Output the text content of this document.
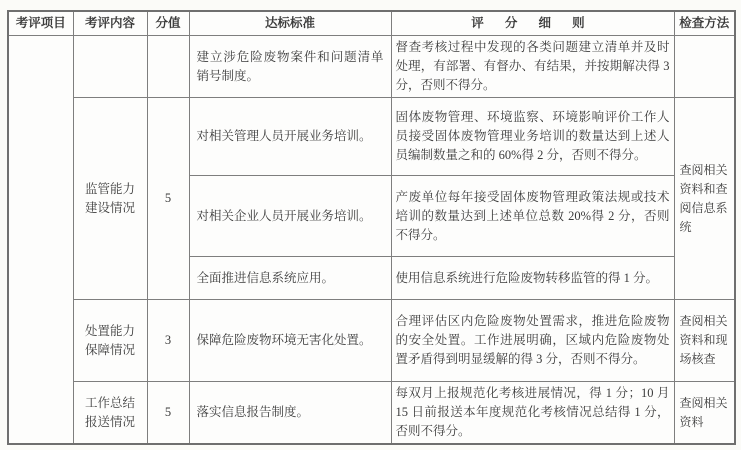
考评项目	考评内容	分值	达标标准	评 分 细 则	检查方法
			建立涉危险废物案件和问题清单销号制度。	督查考核过程中发现的各类问题建立清单并及时处理，有部署、有督办、有结果，并按期解决得 3 分，否则不得分。	
	监管能力建设情况	5	对相关管理人员开展业务培训。	固体废物管理、环境监察、环境影响评价工作人员接受固体废物管理业务培训的数量达到上述人员编制数量之和的 60%得 2 分，否则不得分。	查阅相关资料和查阅信息系统
			对相关企业人员开展业务培训。	产废单位每年接受固体废物管理政策法规或技术培训的数量达到上述单位总数 20%得 2 分，否则不得分。	
			全面推进信息系统应用。	使用信息系统进行危险废物转移监管的得 1 分。	
	处置能力保障情况	3	保障危险废物环境无害化处置。	合理评估区内危险废物处置需求，推进危险废物的安全处置。工作进展明确，区域内危险废物处置矛盾得到明显缓解的得 3 分，否则不得分。	查阅相关资料和现场核查
	工作总结报送情况	5	落实信息报告制度。	每双月上报规范化考核进展情况，得 1 分；10 月 15 日前报送本年度规范化考核情况总结得 1 分，否则不得分。	查阅相关资料
